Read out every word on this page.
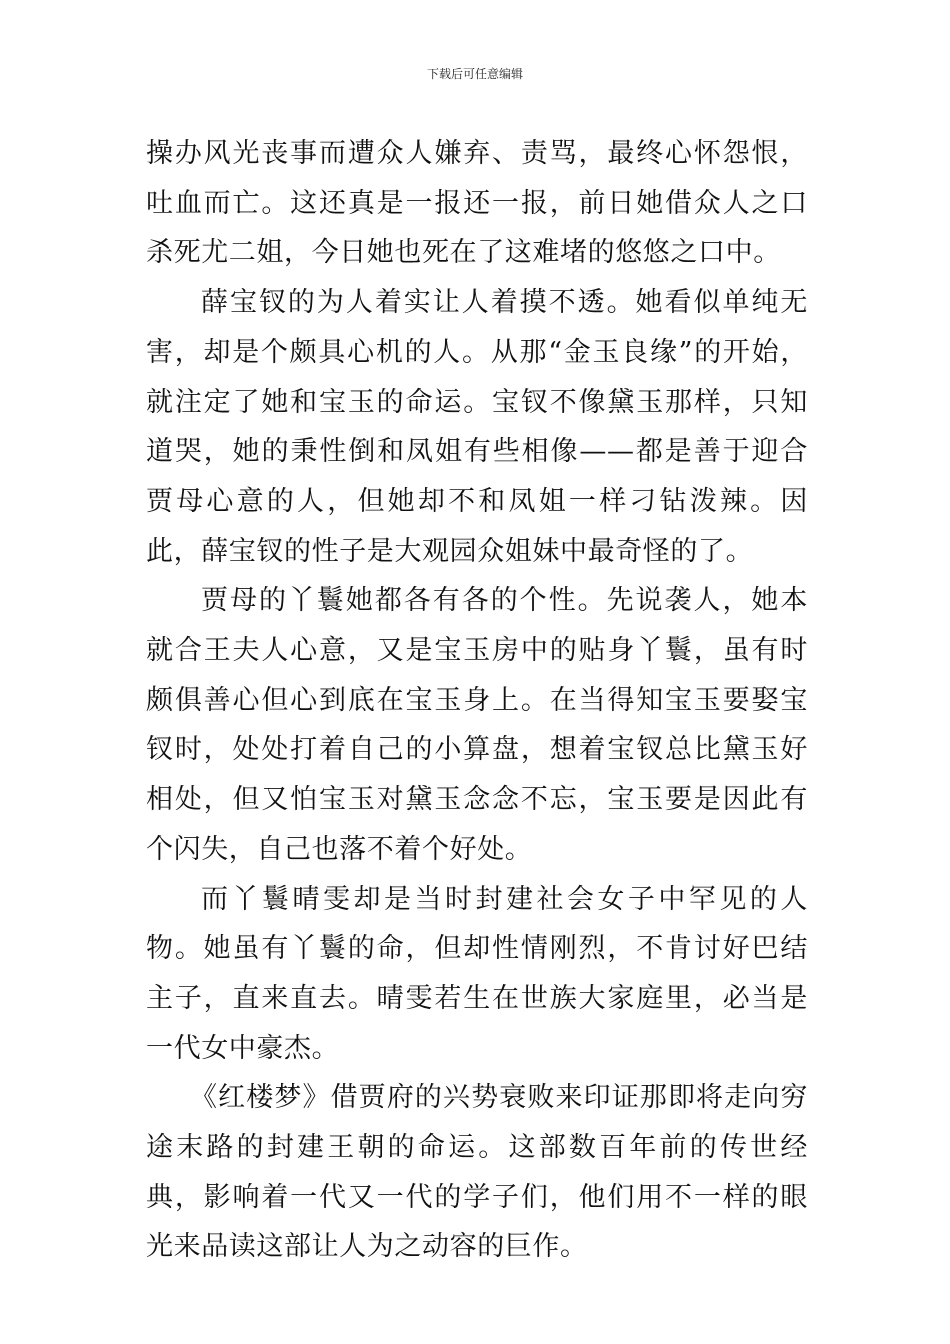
下载后可任意编辑

操办风光丧事而遭众人嫌弃、责骂，最终心怀怨恨，吐血而亡。这还真是一报还一报，前日她借众人之口杀死尤二姐，今日她也死在了这难堵的悠悠之口中。

薛宝钗的为人着实让人着摸不透。她看似单纯无害，却是个颇具心机的人。从那“金玉良缘”的开始，就注定了她和宝玉的命运。宝钗不像黛玉那样，只知道哭，她的秉性倒和凤姐有些相像——都是善于迎合贾母心意的人，但她却不和凤姐一样刁钻泼辣。因此，薛宝钗的性子是大观园众姐妹中最奇怪的了。

贾母的丫鬟她都各有各的个性。先说袭人，她本就合王夫人心意，又是宝玉房中的贴身丫鬟，虽有时颇俱善心但心到底在宝玉身上。在当得知宝玉要娶宝钗时，处处打着自己的小算盘，想着宝钗总比黛玉好相处，但又怕宝玉对黛玉念念不忘，宝玉要是因此有个闪失，自己也落不着个好处。

而丫鬟晴雯却是当时封建社会女子中罕见的人物。她虽有丫鬟的命，但却性情刚烈，不肯讨好巴结主子，直来直去。晴雯若生在世族大家庭里，必当是一代女中豪杰。

《红楼梦》借贾府的兴势衰败来印证那即将走向穷途末路的封建王朝的命运。这部数百年前的传世经典，影响着一代又一代的学子们，他们用不一样的眼光来品读这部让人为之动容的巨作。
